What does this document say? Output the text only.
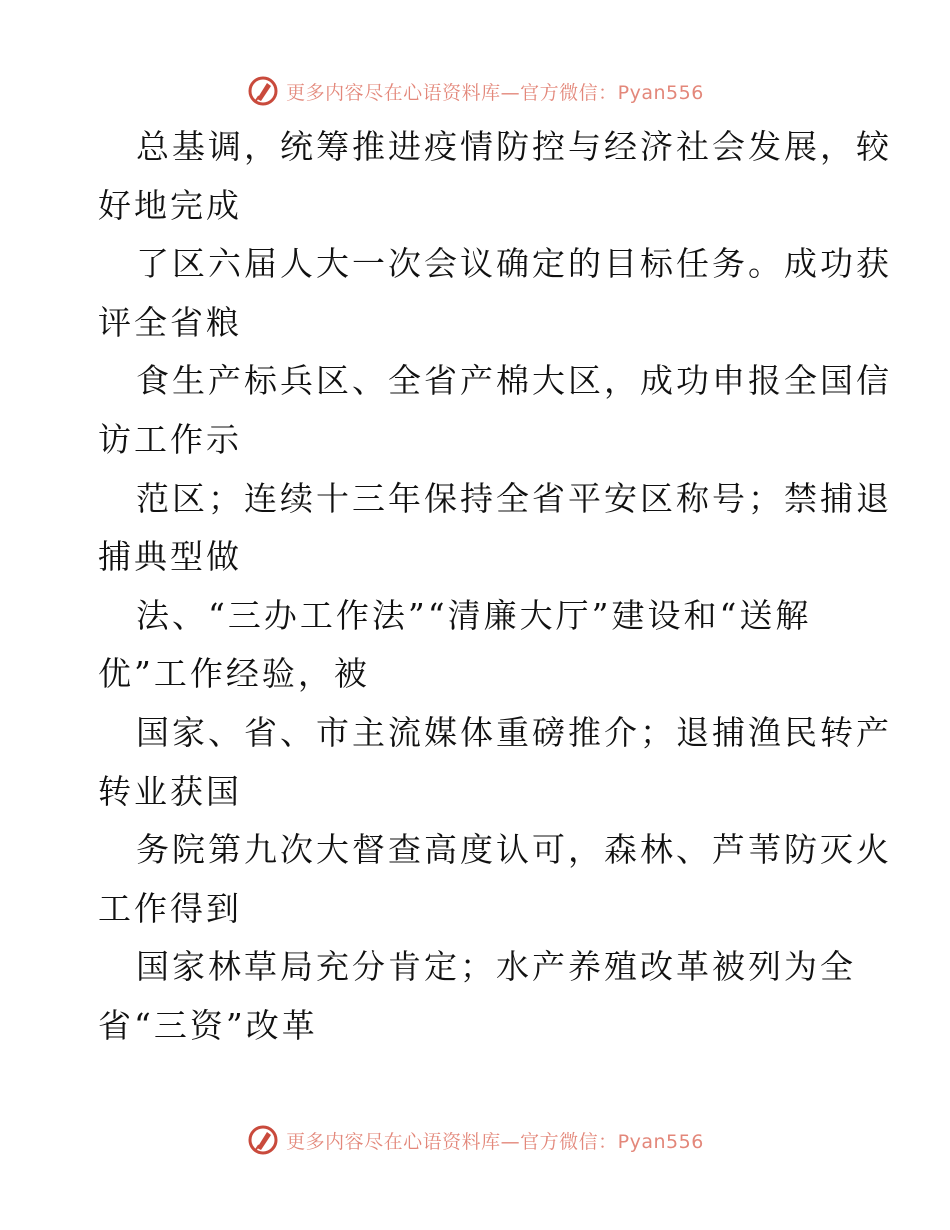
更多内容尽在心语资料库—官方微信：Pyan556
总基调，统筹推进疫情防控与经济社会发展，较
好地完成
了区六届人大一次会议确定的目标任务。成功获
评全省粮
食生产标兵区、全省产棉大区，成功申报全国信
访工作示
范区；连续十三年保持全省平安区称号；禁捕退
捕典型做
法、“三办工作法”“清廉大厅”建设和“送解
优”工作经验，被
国家、省、市主流媒体重磅推介；退捕渔民转产
转业获国
务院第九次大督查高度认可，森林、芦苇防灭火
工作得到
国家林草局充分肯定；水产养殖改革被列为全
省“三资”改革
更多内容尽在心语资料库—官方微信：Pyan556
